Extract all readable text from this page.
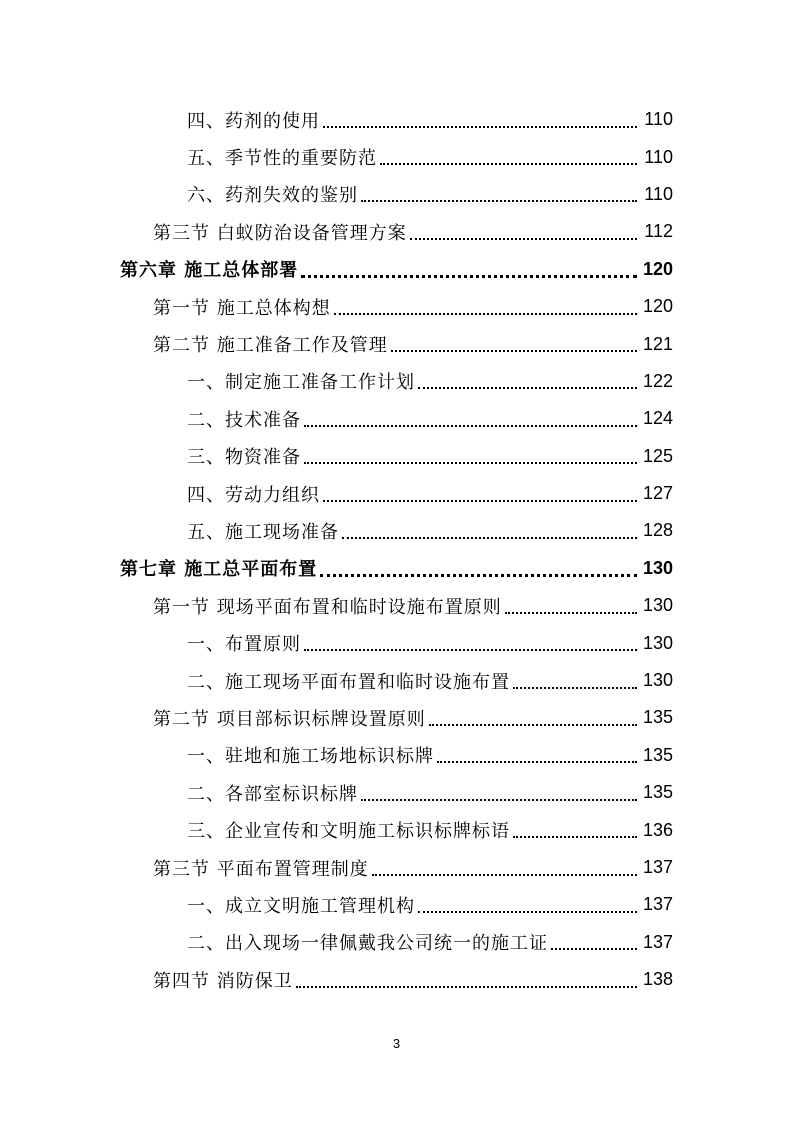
四、药剂的使用	110
五、季节性的重要防范	110
六、药剂失效的鉴别	110
第三节 白蚁防治设备管理方案	112
第六章 施工总体部署	120
第一节 施工总体构想	120
第二节 施工准备工作及管理	121
一、制定施工准备工作计划	122
二、技术准备	124
三、物资准备	125
四、劳动力组织	127
五、施工现场准备	128
第七章 施工总平面布置	130
第一节 现场平面布置和临时设施布置原则	130
一、布置原则	130
二、施工现场平面布置和临时设施布置	130
第二节 项目部标识标牌设置原则	135
一、驻地和施工场地标识标牌	135
二、各部室标识标牌	135
三、企业宣传和文明施工标识标牌标语	136
第三节 平面布置管理制度	137
一、成立文明施工管理机构	137
二、出入现场一律佩戴我公司统一的施工证	137
第四节 消防保卫	138
3
